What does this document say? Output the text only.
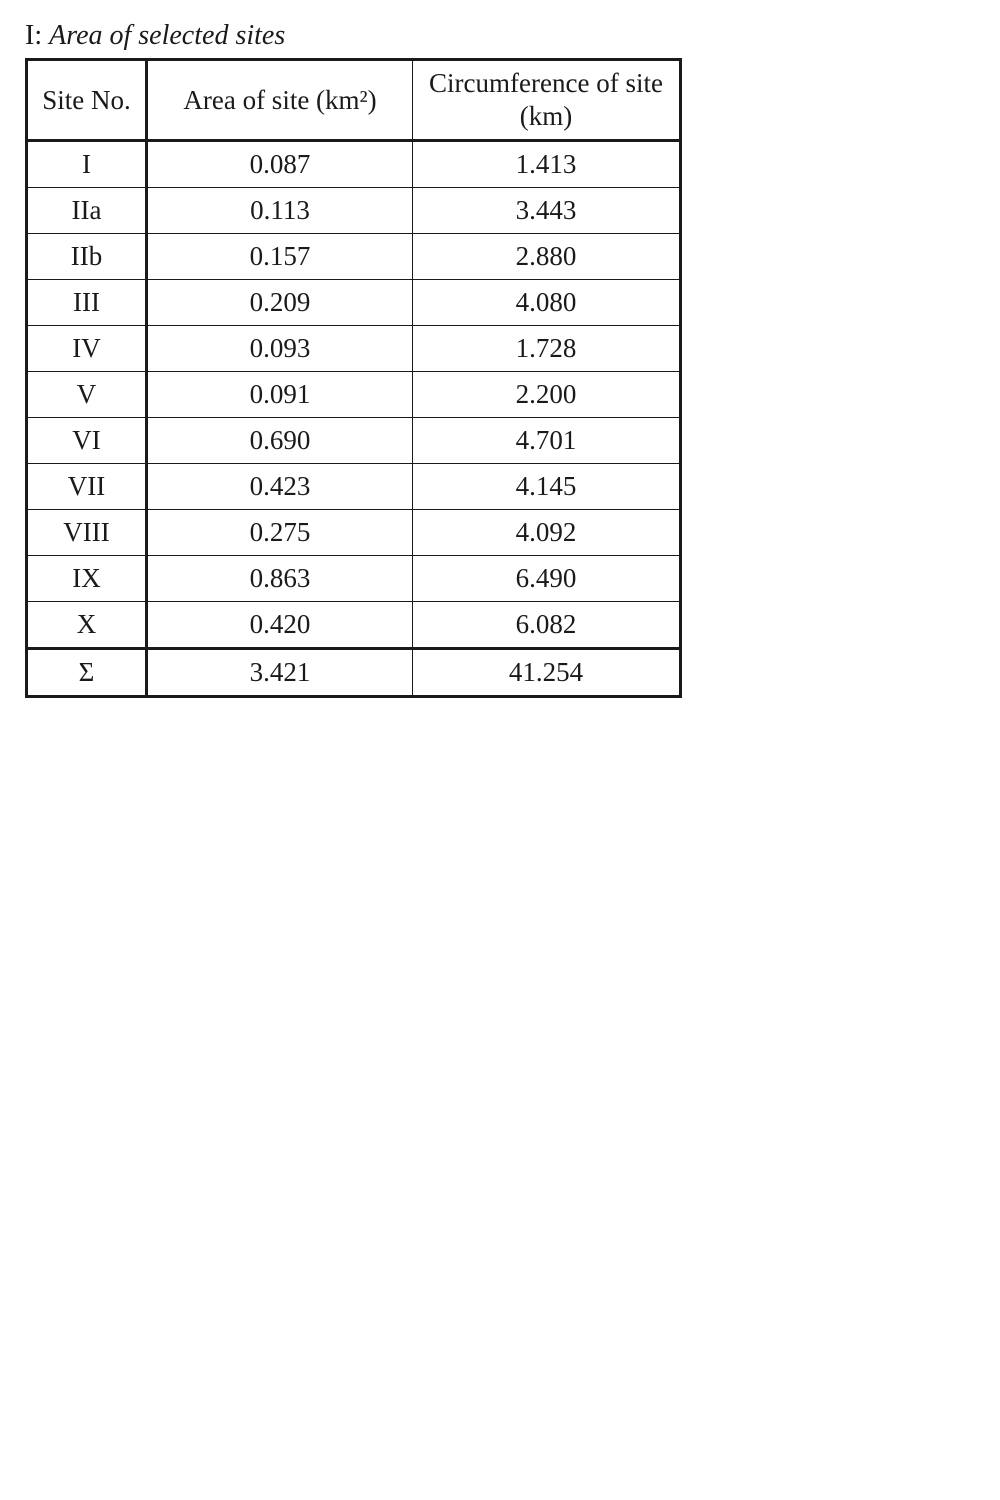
I: Area of selected sites
Site No.	Area of site (km²)	Circumference of site (km)
I	0.087	1.413
IIa	0.113	3.443
IIb	0.157	2.880
III	0.209	4.080
IV	0.093	1.728
V	0.091	2.200
VI	0.690	4.701
VII	0.423	4.145
VIII	0.275	4.092
IX	0.863	6.490
X	0.420	6.082
Σ	3.421	41.254
